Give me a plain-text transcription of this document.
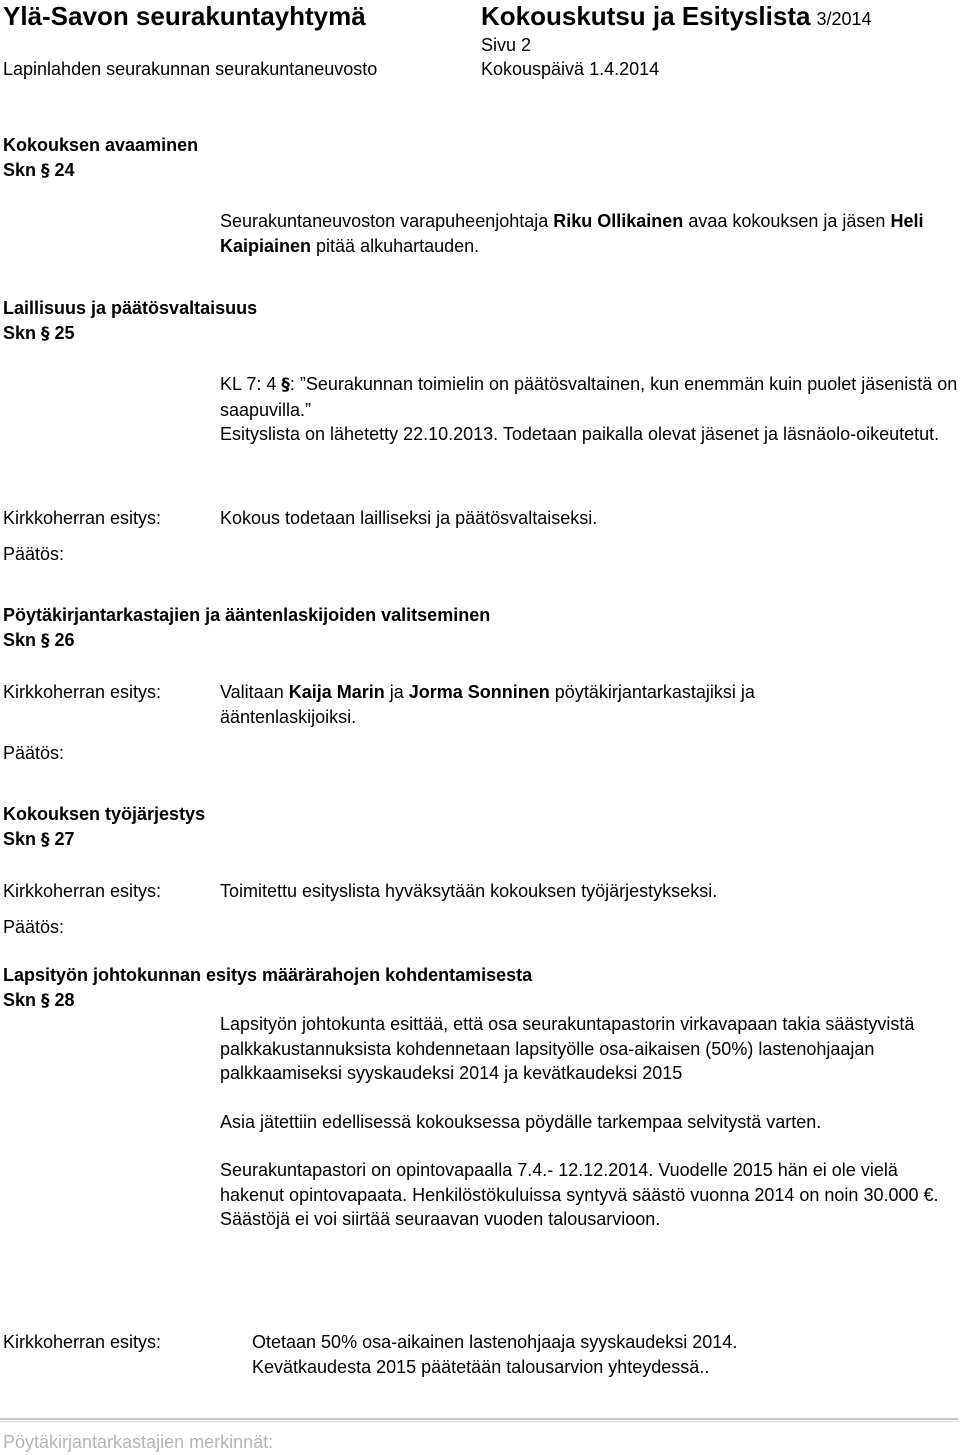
Ylä-Savon seurakuntayhtymä	Kokouskutsu ja Esityslista 3/2014
Sivu 2
Lapinlahden seurakunnan seurakuntaneuvosto	Kokouspäivä 1.4.2014
Kokouksen avaaminen
Skn § 24
Seurakuntaneuvoston varapuheenjohtaja Riku Ollikainen avaa kokouksen ja jäsen Heli Kaipiainen pitää alkuhartauden.
Laillisuus ja päätösvaltaisuus
Skn § 25
KL 7: 4 §: ”Seurakunnan toimielin on päätösvaltainen, kun enemmän kuin puolet jäsenistä on saapuvilla.”
Esityslista on lähetetty 22.10.2013. Todetaan paikalla olevat jäsenet ja läsnäolo-oikeutetut.
Kirkkoherran esitys:	Kokous todetaan lailliseksi ja päätösvaltaiseksi.
Päätös:
Pöytäkirjantarkastajien ja ääntenlaskijoiden valitseminen
Skn § 26
Kirkkoherran esitys:	Valitaan Kaija Marin ja Jorma Sonninen pöytäkirjantarkastajiksi ja ääntenlaskijoiksi.
Päätös:
Kokouksen työjärjestys
Skn § 27
Kirkkoherran esitys:	Toimitettu esityslista hyväksytään kokouksen työjärjestykseksi.
Päätös:
Lapsityön johtokunnan esitys määrärahojen kohdentamisesta
Skn § 28
Lapsityön johtokunta esittää, että osa seurakuntapastorin virkavapaan takia säästyvistä palkkakustannuksista kohdennetaan lapsityölle osa-aikaisen (50%) lastenohjaajan palkkaamiseksi syyskaudeksi 2014 ja kevätkaudeksi 2015
Asia jätettiin edellisessä kokouksessa pöydälle tarkempaa selvitystä varten.
Seurakuntapastori on opintovapaalla 7.4.- 12.12.2014. Vuodelle 2015 hän ei ole vielä hakenut opintovapaata. Henkilöstökuluissa syntyvä säästö vuonna 2014 on noin 30.000 €. Säästöjä ei voi siirtää seuraavan vuoden talousarvioon.
Kirkkoherran esitys:	Otetaan 50% osa-aikainen lastenohjaaja syyskaudeksi 2014. Kevätkaudesta 2015 päätetään talousarvion yhteydessä..
Pöytäkirjantarkastajien merkinnät:
